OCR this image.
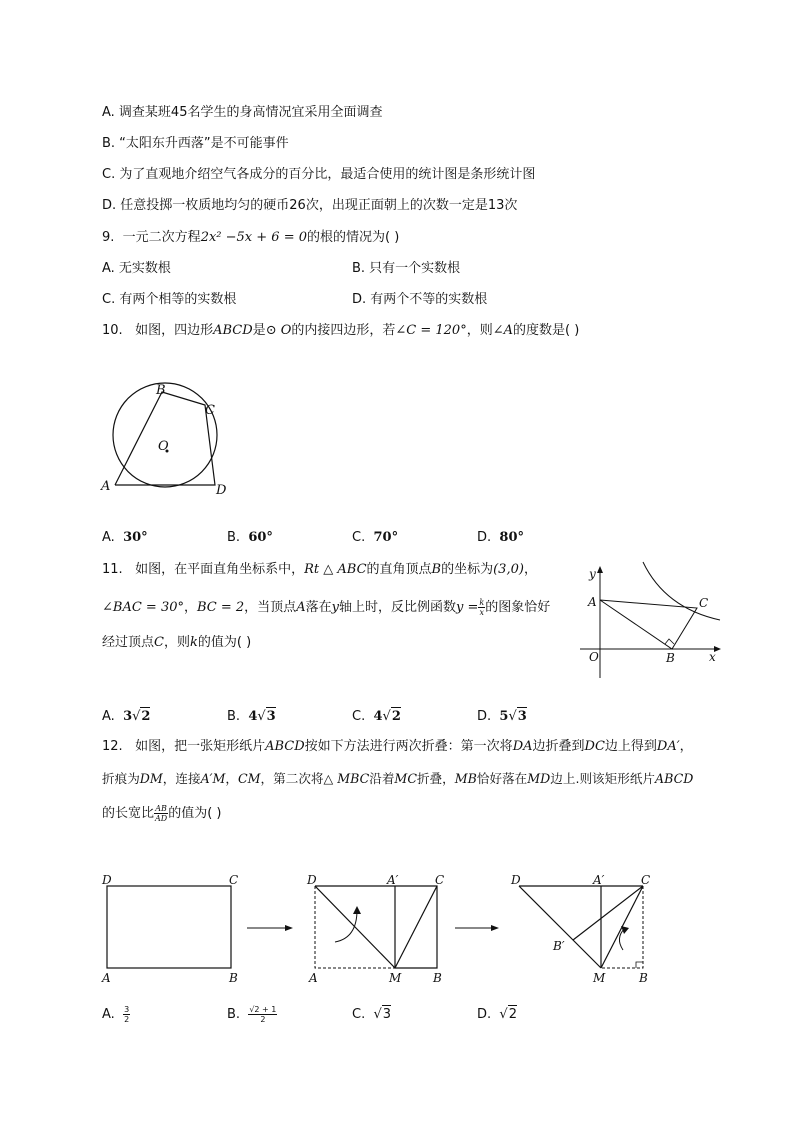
A. 调查某班45名学生的身高情况宜采用全面调查
B. “太阳东升西落”是不可能事件
C. 为了直观地介绍空气各成分的百分比，最适合使用的统计图是条形统计图
D. 任意投掷一枚质地均匀的硬币26次，出现正面朝上的次数一定是13次
9. 一元二次方程2x² −5x + 6 = 0的根的情况为( )
A. 无实数根	B. 只有一个实数根
C. 有两个相等的实数根	D. 有两个不等的实数根
10. 如图，四边形ABCD是⊙ O的内接四边形，若∠C = 120°，则∠A的度数是( )
A
B
C
D
O
A. 30°	B. 60°	C. 70°	D. 80°
11. 如图，在平面直角坐标系中，Rt △ ABC的直角顶点B的坐标为(3,0)，
∠BAC = 30°，BC = 2，当顶点A落在y轴上时，反比例函数$y = \frac{k}{x}$ 的图象恰好
经过顶点C，则k的值为( )
y
x
O
A
B
C
A. 3√2	B. 4√3	C. 4√2	D. 5√3
12. 如图，把一张矩形纸片ABCD按如下方法进行两次折叠：第一次将DA边折叠到DC边上得到DA′，
折痕为DM，连接A′M，CM，第二次将△ MBC沿着MC折叠，MB恰好落在MD边上.则该矩形纸片ABCD
的长宽比 $\frac{AB}{AD}$ 的值为( )
D	C
A	B
D	A′	C
A	M	B
D	A′	C
B′
M	B
A. $\frac{3}{2}$	B. $\frac{√2 + 1}{2}$	C.  √3	D.  √2
